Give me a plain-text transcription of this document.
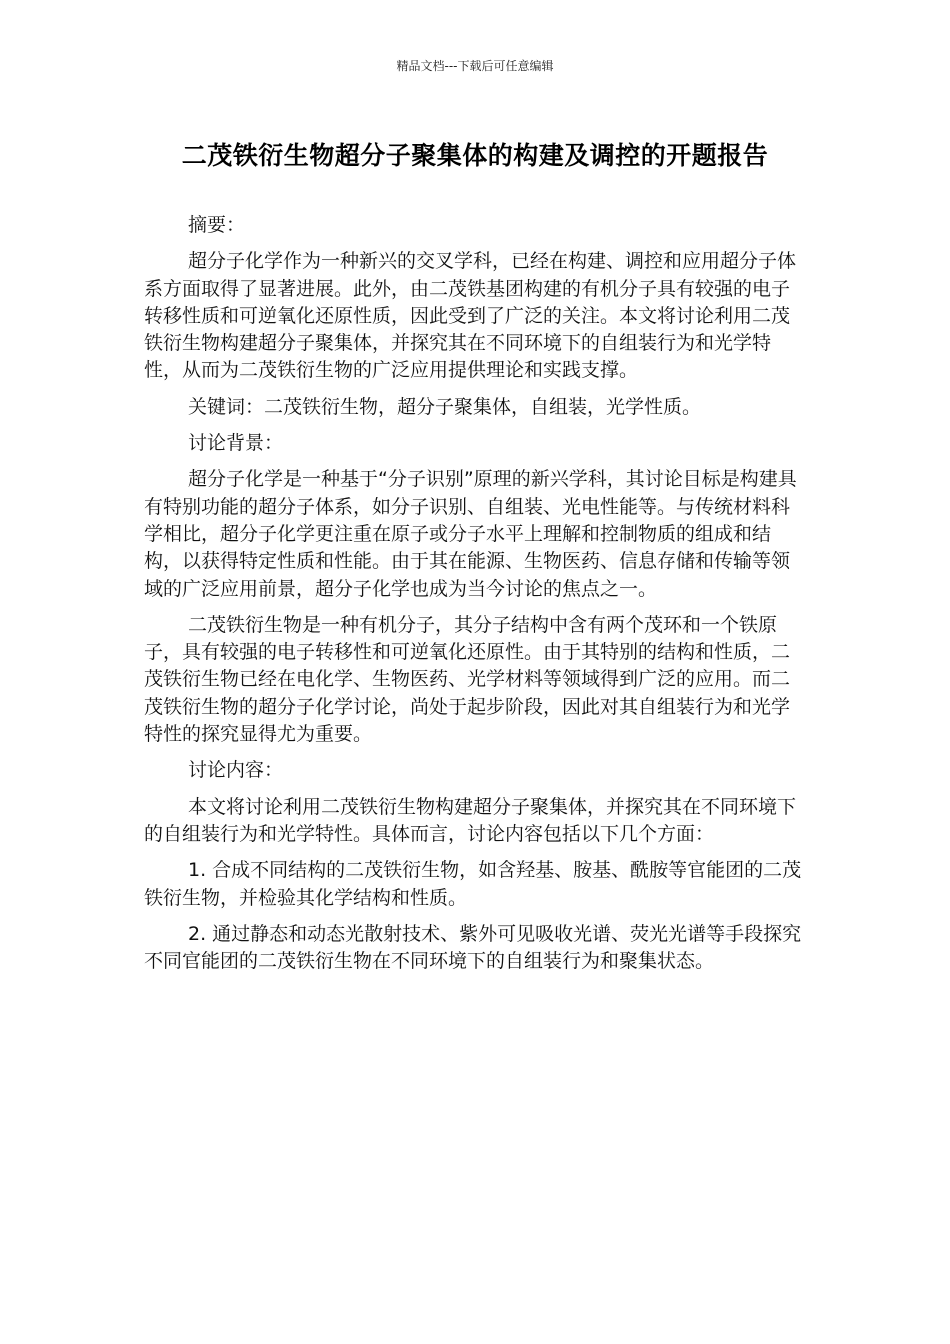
精品文档---下载后可任意编辑
二茂铁衍生物超分子聚集体的构建及调控的开题报告

摘要：

超分子化学作为一种新兴的交叉学科，已经在构建、调控和应用超分子体系方面取得了显著进展。此外，由二茂铁基团构建的有机分子具有较强的电子转移性质和可逆氧化还原性质，因此受到了广泛的关注。本文将讨论利用二茂铁衍生物构建超分子聚集体，并探究其在不同环境下的自组装行为和光学特性，从而为二茂铁衍生物的广泛应用提供理论和实践支撑。

关键词：二茂铁衍生物，超分子聚集体，自组装，光学性质。

讨论背景：

超分子化学是一种基于“分子识别”原理的新兴学科，其讨论目标是构建具有特别功能的超分子体系，如分子识别、自组装、光电性能等。与传统材料科学相比，超分子化学更注重在原子或分子水平上理解和控制物质的组成和结构，以获得特定性质和性能。由于其在能源、生物医药、信息存储和传输等领域的广泛应用前景，超分子化学也成为当今讨论的焦点之一。

二茂铁衍生物是一种有机分子，其分子结构中含有两个茂环和一个铁原子，具有较强的电子转移性和可逆氧化还原性。由于其特别的结构和性质，二茂铁衍生物已经在电化学、生物医药、光学材料等领域得到广泛的应用。而二茂铁衍生物的超分子化学讨论，尚处于起步阶段，因此对其自组装行为和光学特性的探究显得尤为重要。

讨论内容：

本文将讨论利用二茂铁衍生物构建超分子聚集体，并探究其在不同环境下的自组装行为和光学特性。具体而言，讨论内容包括以下几个方面：

1. 合成不同结构的二茂铁衍生物，如含羟基、胺基、酰胺等官能团的二茂铁衍生物，并检验其化学结构和性质。

2. 通过静态和动态光散射技术、紫外可见吸收光谱、荧光光谱等手段探究不同官能团的二茂铁衍生物在不同环境下的自组装行为和聚集状态。
